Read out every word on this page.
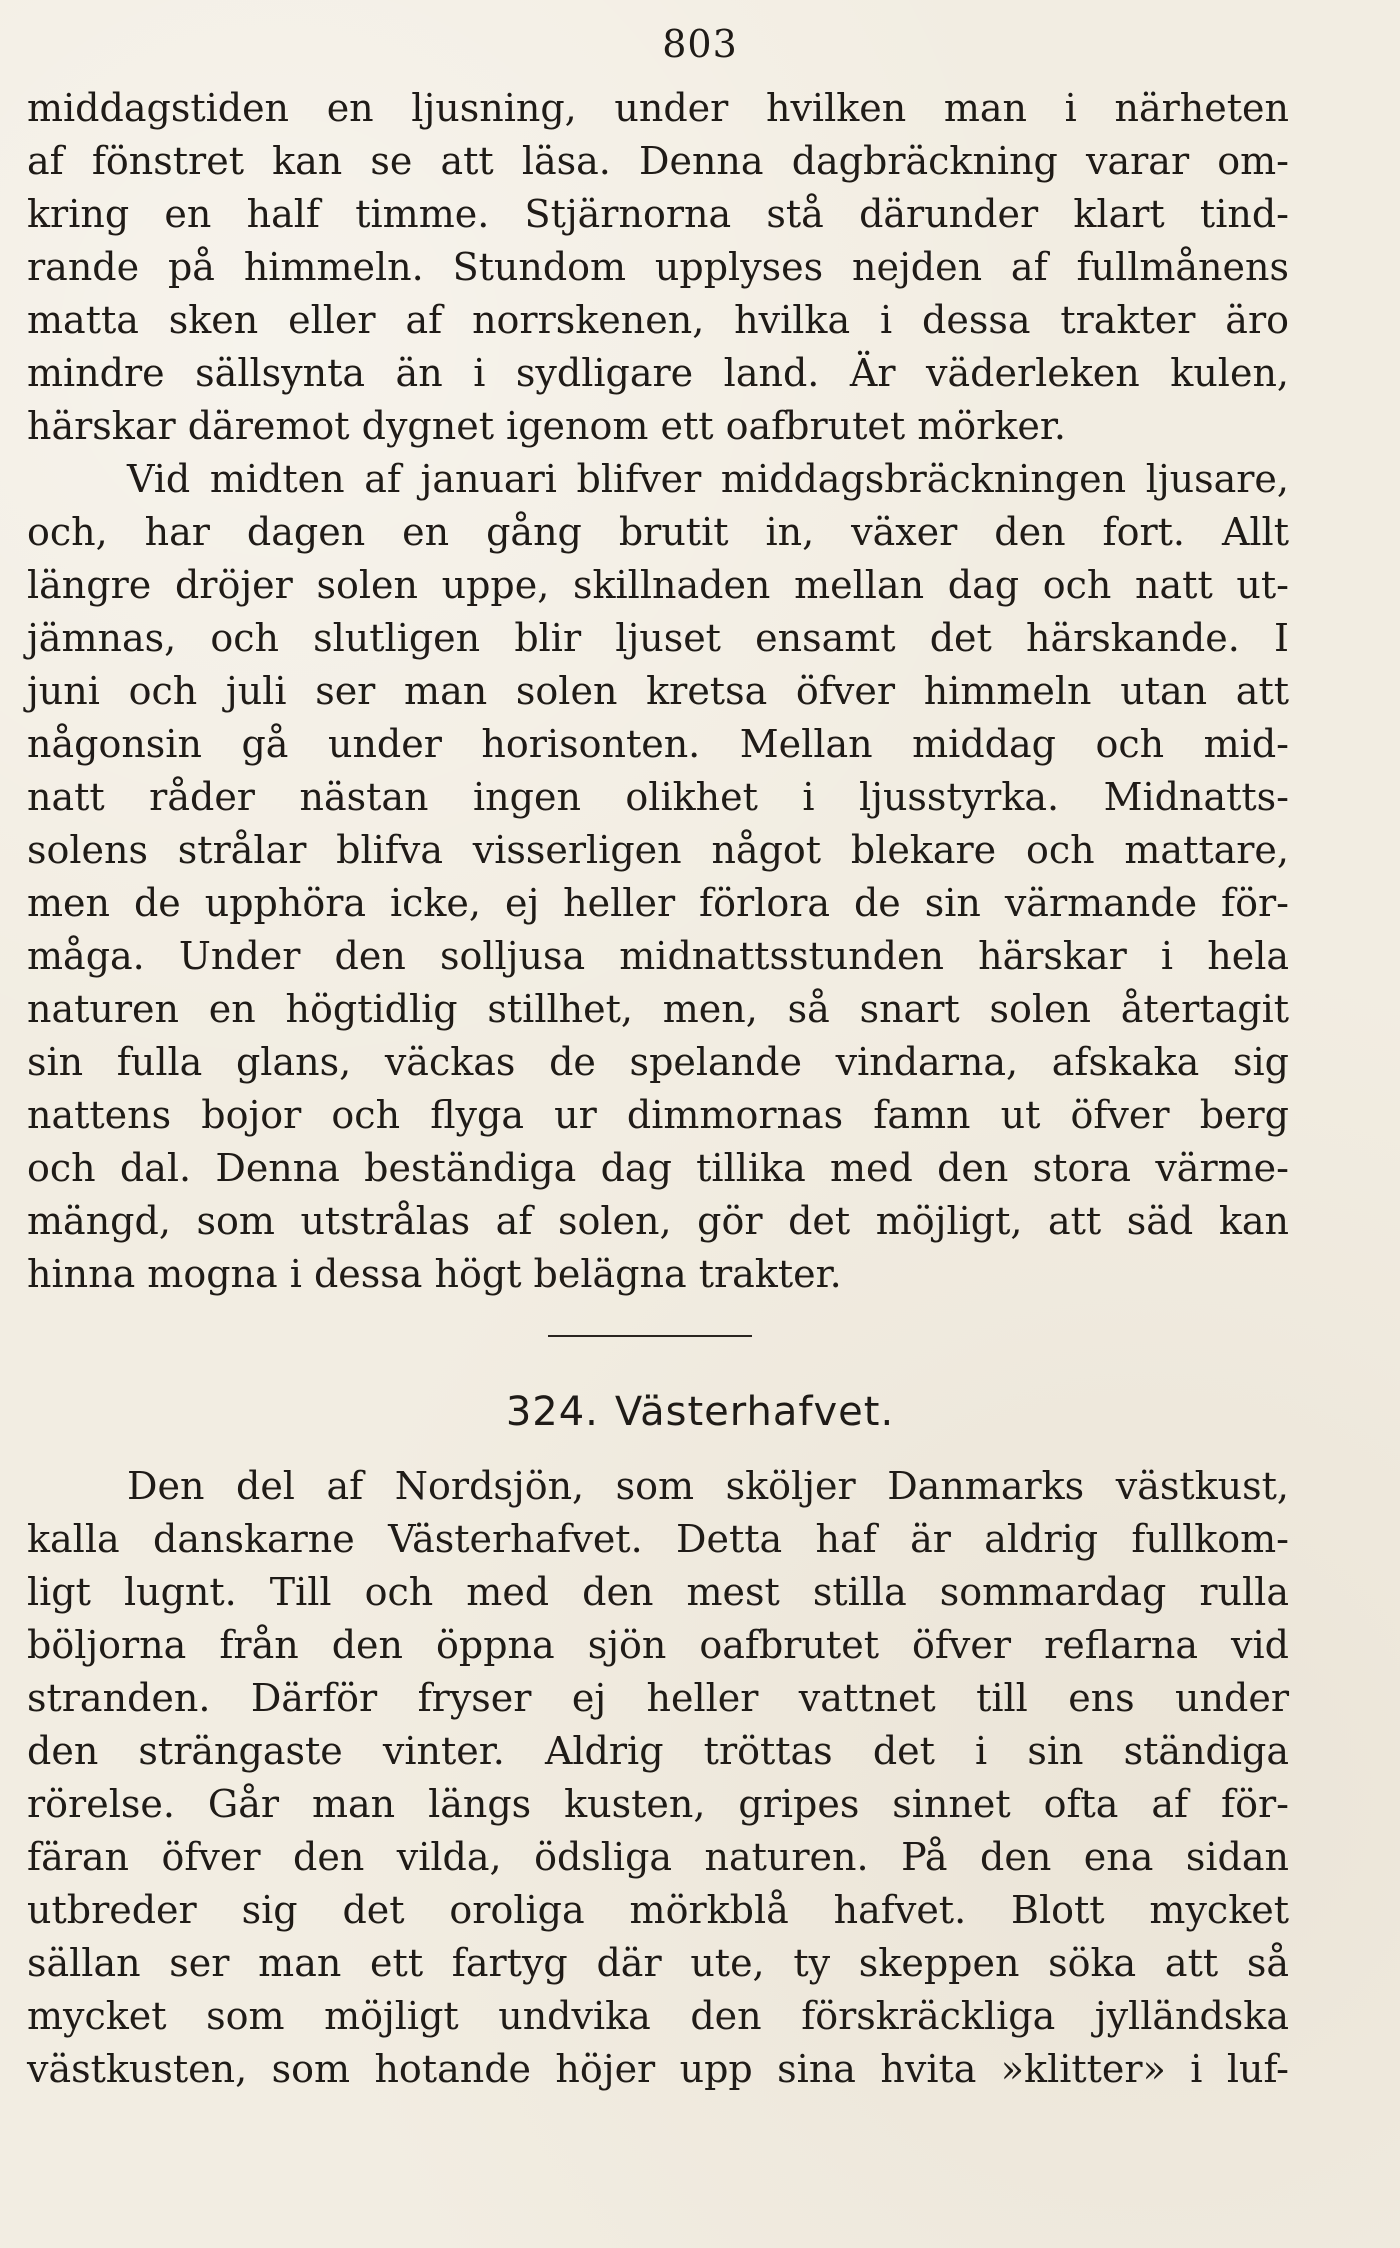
803
middagstiden en ljusning, under hvilken man i närheten
af fönstret kan se att läsa. Denna dagbräckning varar om-
kring en half timme. Stjärnorna stå därunder klart tind-
rande på himmeln. Stundom upplyses nejden af fullmånens
matta sken eller af norrskenen, hvilka i dessa trakter äro
mindre sällsynta än i sydligare land. Är väderleken kulen,
härskar däremot dygnet igenom ett oafbrutet mörker.
Vid midten af januari blifver middagsbräckningen ljusare,
och, har dagen en gång brutit in, växer den fort. Allt
längre dröjer solen uppe, skillnaden mellan dag och natt ut-
jämnas, och slutligen blir ljuset ensamt det härskande. I
juni och juli ser man solen kretsa öfver himmeln utan att
någonsin gå under horisonten. Mellan middag och mid-
natt råder nästan ingen olikhet i ljusstyrka. Midnatts-
solens strålar blifva visserligen något blekare och mattare,
men de upphöra icke, ej heller förlora de sin värmande för-
måga. Under den solljusa midnattsstunden härskar i hela
naturen en högtidlig stillhet, men, så snart solen återtagit
sin fulla glans, väckas de spelande vindarna, afskaka sig
nattens bojor och flyga ur dimmornas famn ut öfver berg
och dal. Denna beständiga dag tillika med den stora värme-
mängd, som utstrålas af solen, gör det möjligt, att säd kan
hinna mogna i dessa högt belägna trakter.
324. Västerhafvet.
Den del af Nordsjön, som sköljer Danmarks västkust,
kalla danskarne Västerhafvet. Detta haf är aldrig fullkom-
ligt lugnt. Till och med den mest stilla sommardag rulla
böljorna från den öppna sjön oafbrutet öfver reflarna vid
stranden. Därför fryser ej heller vattnet till ens under
den strängaste vinter. Aldrig tröttas det i sin ständiga
rörelse. Går man längs kusten, gripes sinnet ofta af för-
färan öfver den vilda, ödsliga naturen. På den ena sidan
utbreder sig det oroliga mörkblå hafvet. Blott mycket
sällan ser man ett fartyg där ute, ty skeppen söka att så
mycket som möjligt undvika den förskräckliga jylländska
västkusten, som hotande höjer upp sina hvita »klitter» i luf-
